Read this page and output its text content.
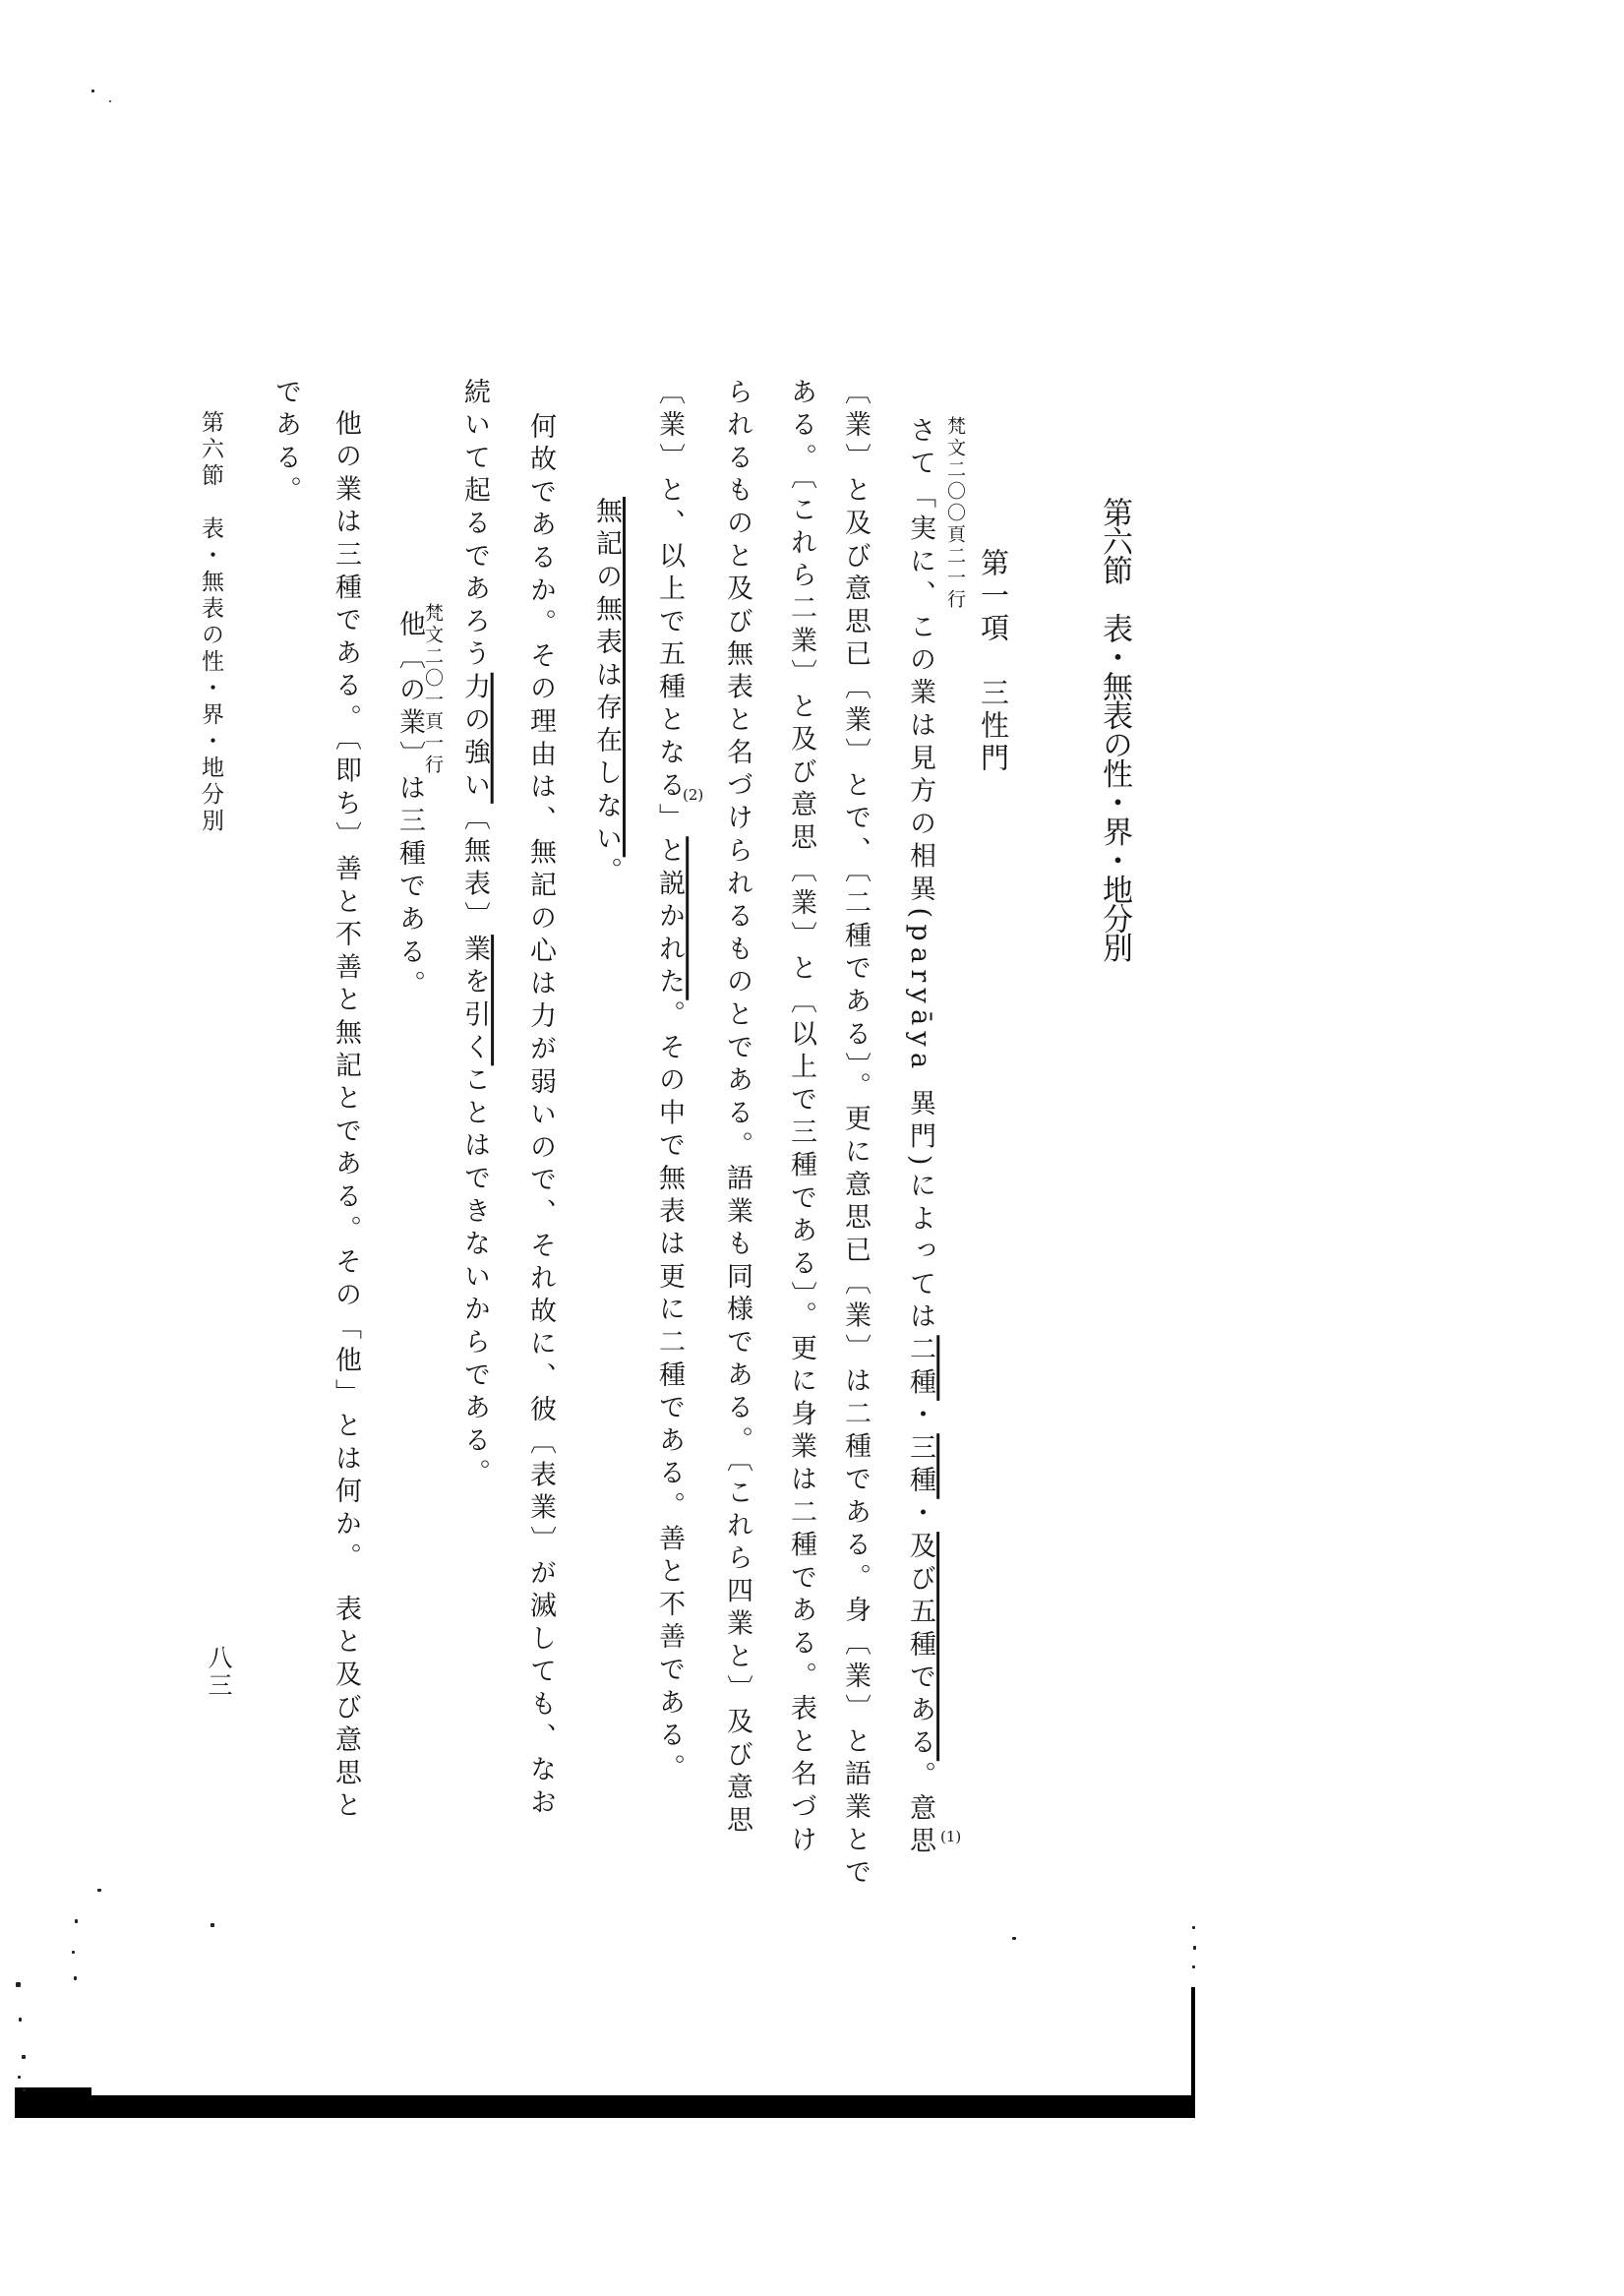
第六節　表・無表の性・界・地分別
第一項　三性門
梵文二〇〇頁二一行
さて「実に、この業は見方の相異(paryāya 異門)によっては二種・三種・及び五種である。意思
〔業〕と及び意思已〔業〕とで、〔二種である〕。更に意思已〔業〕は二種である。身〔業〕と語業とで
ある。〔これら二業〕と及び意思〔業〕と〔以上で三種である〕。更に身業は二種である。表と名づけ
られるものと及び無表と名づけられるものとである。語業も同様である。〔これら四業と〕及び意思
〔業〕と、以上で五種となる」と説かれた。その中で無表は更に二種である。善と不善である。
無記の無表は存在しない。
何故であるか。その理由は、無記の心は力が弱いので、それ故に、彼〔表業〕が滅しても、なお
続いて起るであろう力の強い〔無表〕業を引くことはできないからである。
梵文二〇一頁一行
他〔の業〕は三種である。
他の業は三種である。〔即ち〕善と不善と無記とである。その「他」とは何か。　表と及び意思と
である。
(1)
(2)
第六節　表・無表の性・界・地分別
八三
